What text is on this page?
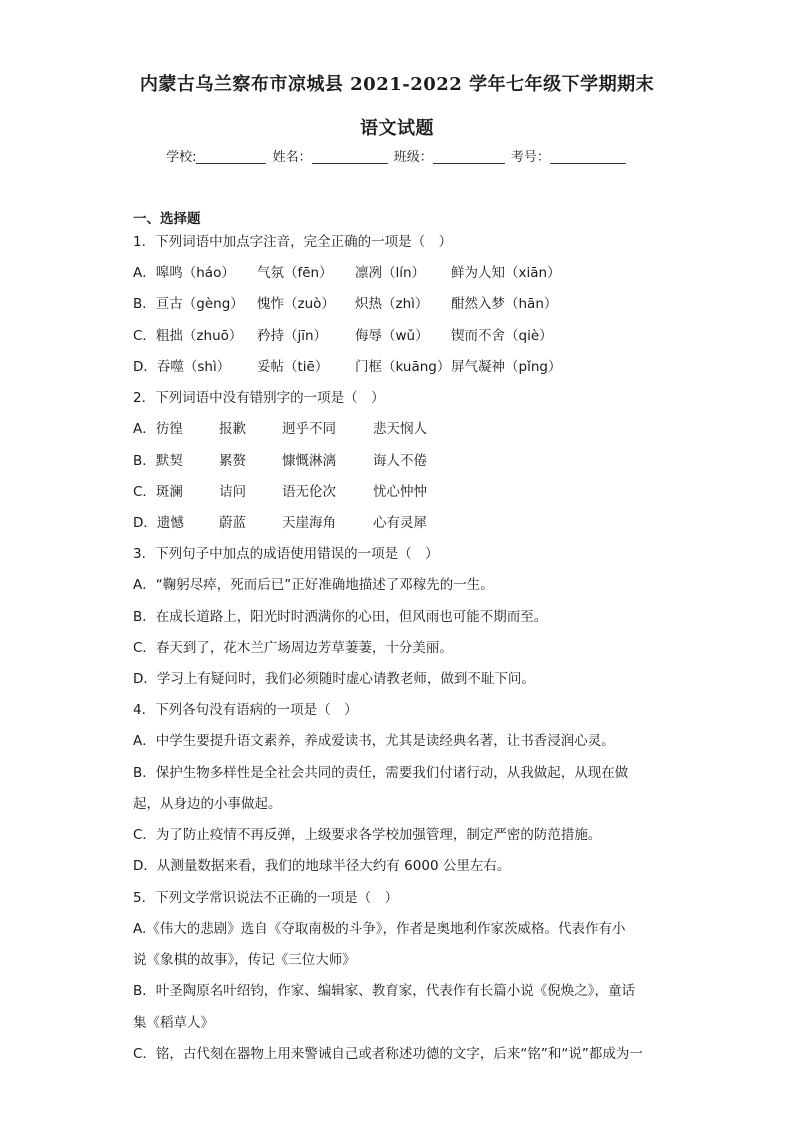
内蒙古乌兰察布市凉城县 2021-2022 学年七年级下学期期末
语文试题
学校:	姓名：	班级：	考号：
一、选择题
1．下列词语中加点字注音，完全正确的一项是（　）
A．嗥鸣（háo） 气氛（fēn） 凛冽（lín） 鲜为人知（xiān）
B．亘古（gèng） 愧怍（zuò） 炽热（zhì） 酣然入梦（hān）
C．粗拙（zhuō） 矜持（jīn） 侮辱（wǔ） 锲而不舍（qiè）
D．吞噬（shì） 妥帖（tiē） 门框（kuāng） 屏气凝神（pǐng）
2．下列词语中没有错别字的一项是（　）
A．彷徨	报歉	迥乎不同	悲天悯人
B．默契	累赘	慷慨淋漓	诲人不倦
C．斑澜	诘问	语无伦次	忧心忡忡
D．遗憾	蔚蓝	天崖海角	心有灵犀
3．下列句子中加点的成语使用错误的一项是（　）
A．“鞠躬尽瘁，死而后已”正好准确地描述了邓稼先的一生。
B．在成长道路上，阳光时时洒满你的心田，但风雨也可能不期而至。
C．春天到了，花木兰广场周边芳草萋萋，十分美丽。
D．学习上有疑问时，我们必须随时虚心请教老师，做到不耻下问。
4．下列各句没有语病的一项是（　）
A．中学生要提升语文素养，养成爱读书，尤其是读经典名著，让书香浸润心灵。
B．保护生物多样性是全社会共同的责任，需要我们付诸行动，从我做起，从现在做
起，从身边的小事做起。
C．为了防止疫情不再反弹，上级要求各学校加强管理，制定严密的防范措施。
D．从测量数据来看，我们的地球半径大约有 6000 公里左右。
5．下列文学常识说法不正确的一项是（　）
A.《伟大的悲剧》选自《夺取南极的斗争》，作者是奥地利作家茨威格。代表作有小
说《象棋的故事》，传记《三位大师》
B．叶圣陶原名叶绍钧，作家、编辑家、教育家，代表作有长篇小说《倪焕之》，童话
集《稻草人》
C．铭，古代刻在器物上用来警诫自己或者称述功德的文字，后来“铭”和“说”都成为一
